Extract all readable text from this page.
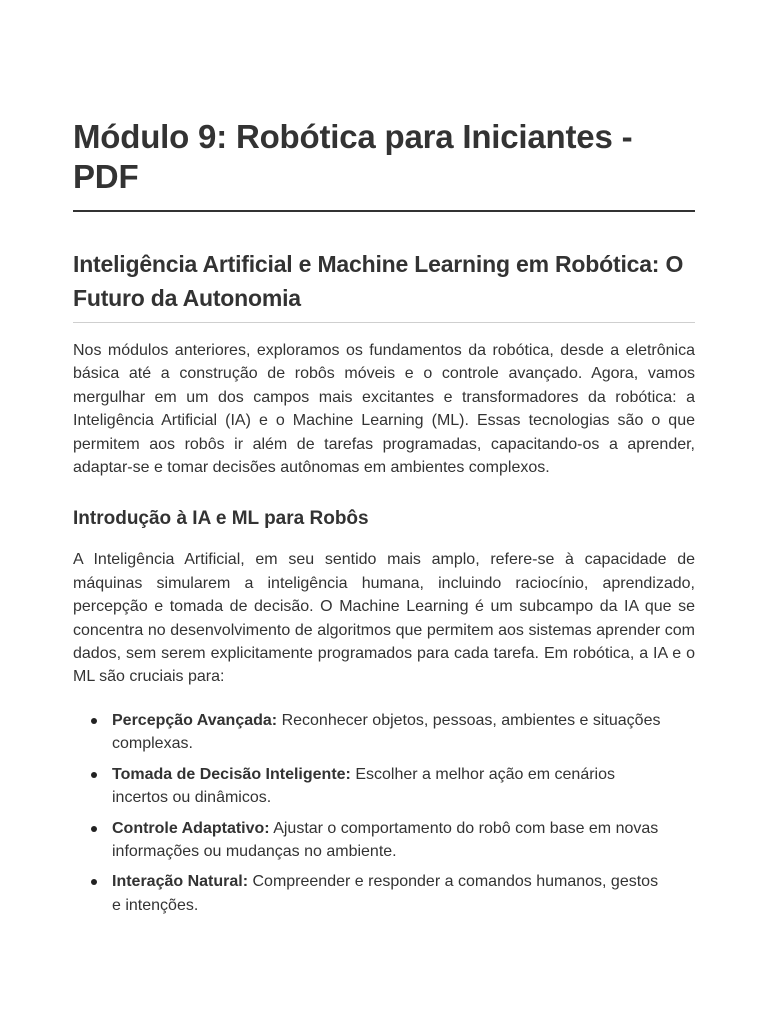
Módulo 9: Robótica para Iniciantes - PDF
Inteligência Artificial e Machine Learning em Robótica: O Futuro da Autonomia

Nos módulos anteriores, exploramos os fundamentos da robótica, desde a eletrônica básica até a construção de robôs móveis e o controle avançado. Agora, vamos mergulhar em um dos campos mais excitantes e transformadores da robótica: a Inteligência Artificial (IA) e o Machine Learning (ML). Essas tecnologias são o que permitem aos robôs ir além de tarefas programadas, capacitando-os a aprender, adaptar-se e tomar decisões autônomas em ambientes complexos.

Introdução à IA e ML para Robôs

A Inteligência Artificial, em seu sentido mais amplo, refere-se à capacidade de máquinas simularem a inteligência humana, incluindo raciocínio, aprendizado, percepção e tomada de decisão. O Machine Learning é um subcampo da IA que se concentra no desenvolvimento de algoritmos que permitem aos sistemas aprender com dados, sem serem explicitamente programados para cada tarefa. Em robótica, a IA e o ML são cruciais para:

Percepção Avançada: Reconhecer objetos, pessoas, ambientes e situações complexas.
Tomada de Decisão Inteligente: Escolher a melhor ação em cenários incertos ou dinâmicos.
Controle Adaptativo: Ajustar o comportamento do robô com base em novas informações ou mudanças no ambiente.
Interação Natural: Compreender e responder a comandos humanos, gestos e intenções.
